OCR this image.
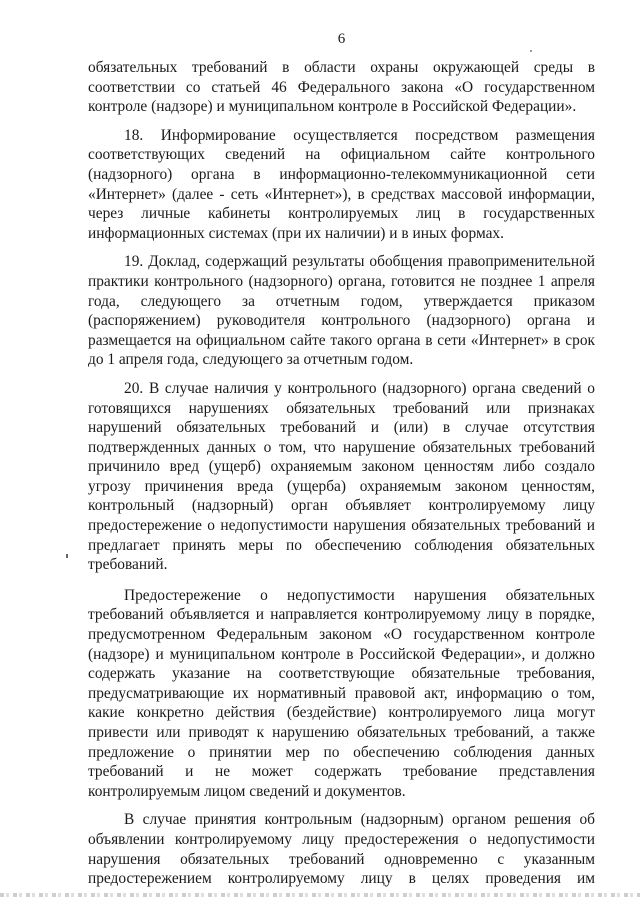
6

обязательных требований в области охраны окружающей среды в соответствии со статьей 46 Федерального закона «О государственном контроле (надзоре) и муниципальном контроле в Российской Федерации».

18. Информирование осуществляется посредством размещения соответствующих сведений на официальном сайте контрольного (надзорного) органа в информационно-телекоммуникационной сети «Интернет» (далее - сеть «Интернет»), в средствах массовой информации, через личные кабинеты контролируемых лиц в государственных информационных системах (при их наличии) и в иных формах.

19. Доклад, содержащий результаты обобщения правоприменительной практики контрольного (надзорного) органа, готовится не позднее 1 апреля года, следующего за отчетным годом, утверждается приказом (распоряжением) руководителя контрольного (надзорного) органа и размещается на официальном сайте такого органа в сети «Интернет» в срок до 1 апреля года, следующего за отчетным годом.

20. В случае наличия у контрольного (надзорного) органа сведений о готовящихся нарушениях обязательных требований или признаках нарушений обязательных требований и (или) в случае отсутствия подтвержденных данных о том, что нарушение обязательных требований причинило вред (ущерб) охраняемым законом ценностям либо создало угрозу причинения вреда (ущерба) охраняемым законом ценностям, контрольный (надзорный) орган объявляет контролируемому лицу предостережение о недопустимости нарушения обязательных требований и предлагает принять меры по обеспечению соблюдения обязательных требований.

Предостережение о недопустимости нарушения обязательных требований объявляется и направляется контролируемому лицу в порядке, предусмотренном Федеральным законом «О государственном контроле (надзоре) и муниципальном контроле в Российской Федерации», и должно содержать указание на соответствующие обязательные требования, предусматривающие их нормативный правовой акт, информацию о том, какие конкретно действия (бездействие) контролируемого лица могут привести или приводят к нарушению обязательных требований, а также предложение о принятии мер по обеспечению соблюдения данных требований и не может содержать требование представления контролируемым лицом сведений и документов.

В случае принятия контрольным (надзорным) органом решения об объявлении контролируемому лицу предостережения о недопустимости нарушения обязательных требований одновременно с указанным предостережением контролируемому лицу в целях проведения им
